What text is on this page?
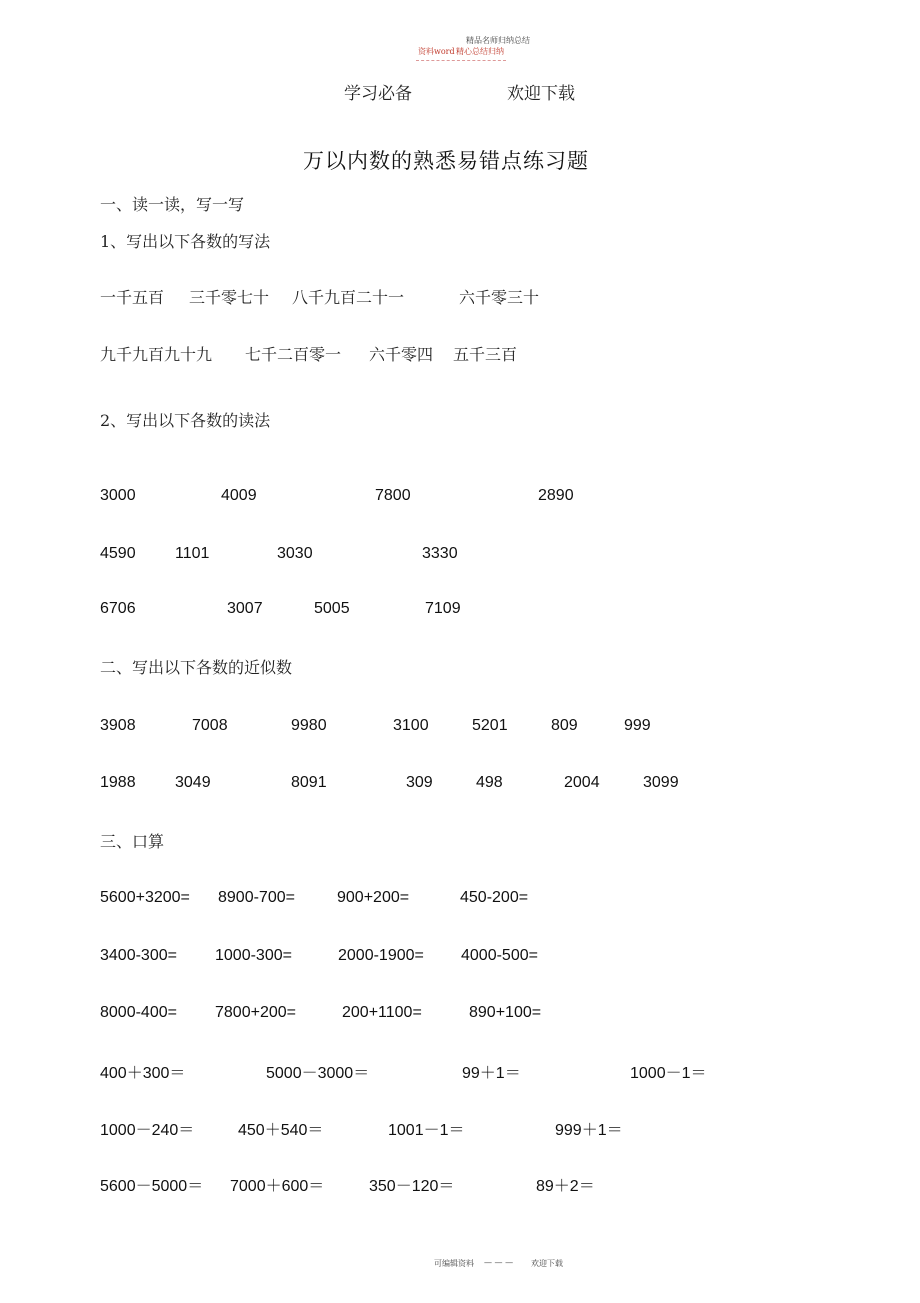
精品名师归纳总结
资料word 精心总结归纳
学习必备	欢迎下载
万以内数的熟悉易错点练习题
一、读一读，写一写
1、写出以下各数的写法
一千五百 三千零七十 八千九百二十一	六千零三十
九千九百九十九 七千二百零一 六千零四 五千三百
2、写出以下各数的读法
3000	4009	7800	2890
4590 1101	3030	3330
6706	3007	5005	7109
二、写出以下各数的近似数
3908	7008	9980	3100	5201	809	999
1988 3049	8091	309	498	2004	3099
三、口算
5600+3200= 8900-700=	900+200=	450-200=
3400-300= 1000-300=	2000-1900= 4000-500=
8000-400= 7800+200=	200+1100=	890+100=
400＋300＝	5000－3000＝	99＋1＝	1000－1＝
1000－240＝	450＋540＝	1001－1＝	999＋1＝
5600－5000＝ 7000＋600＝	350－120＝	89＋2＝
可编辑资料 — — — 欢迎下载
